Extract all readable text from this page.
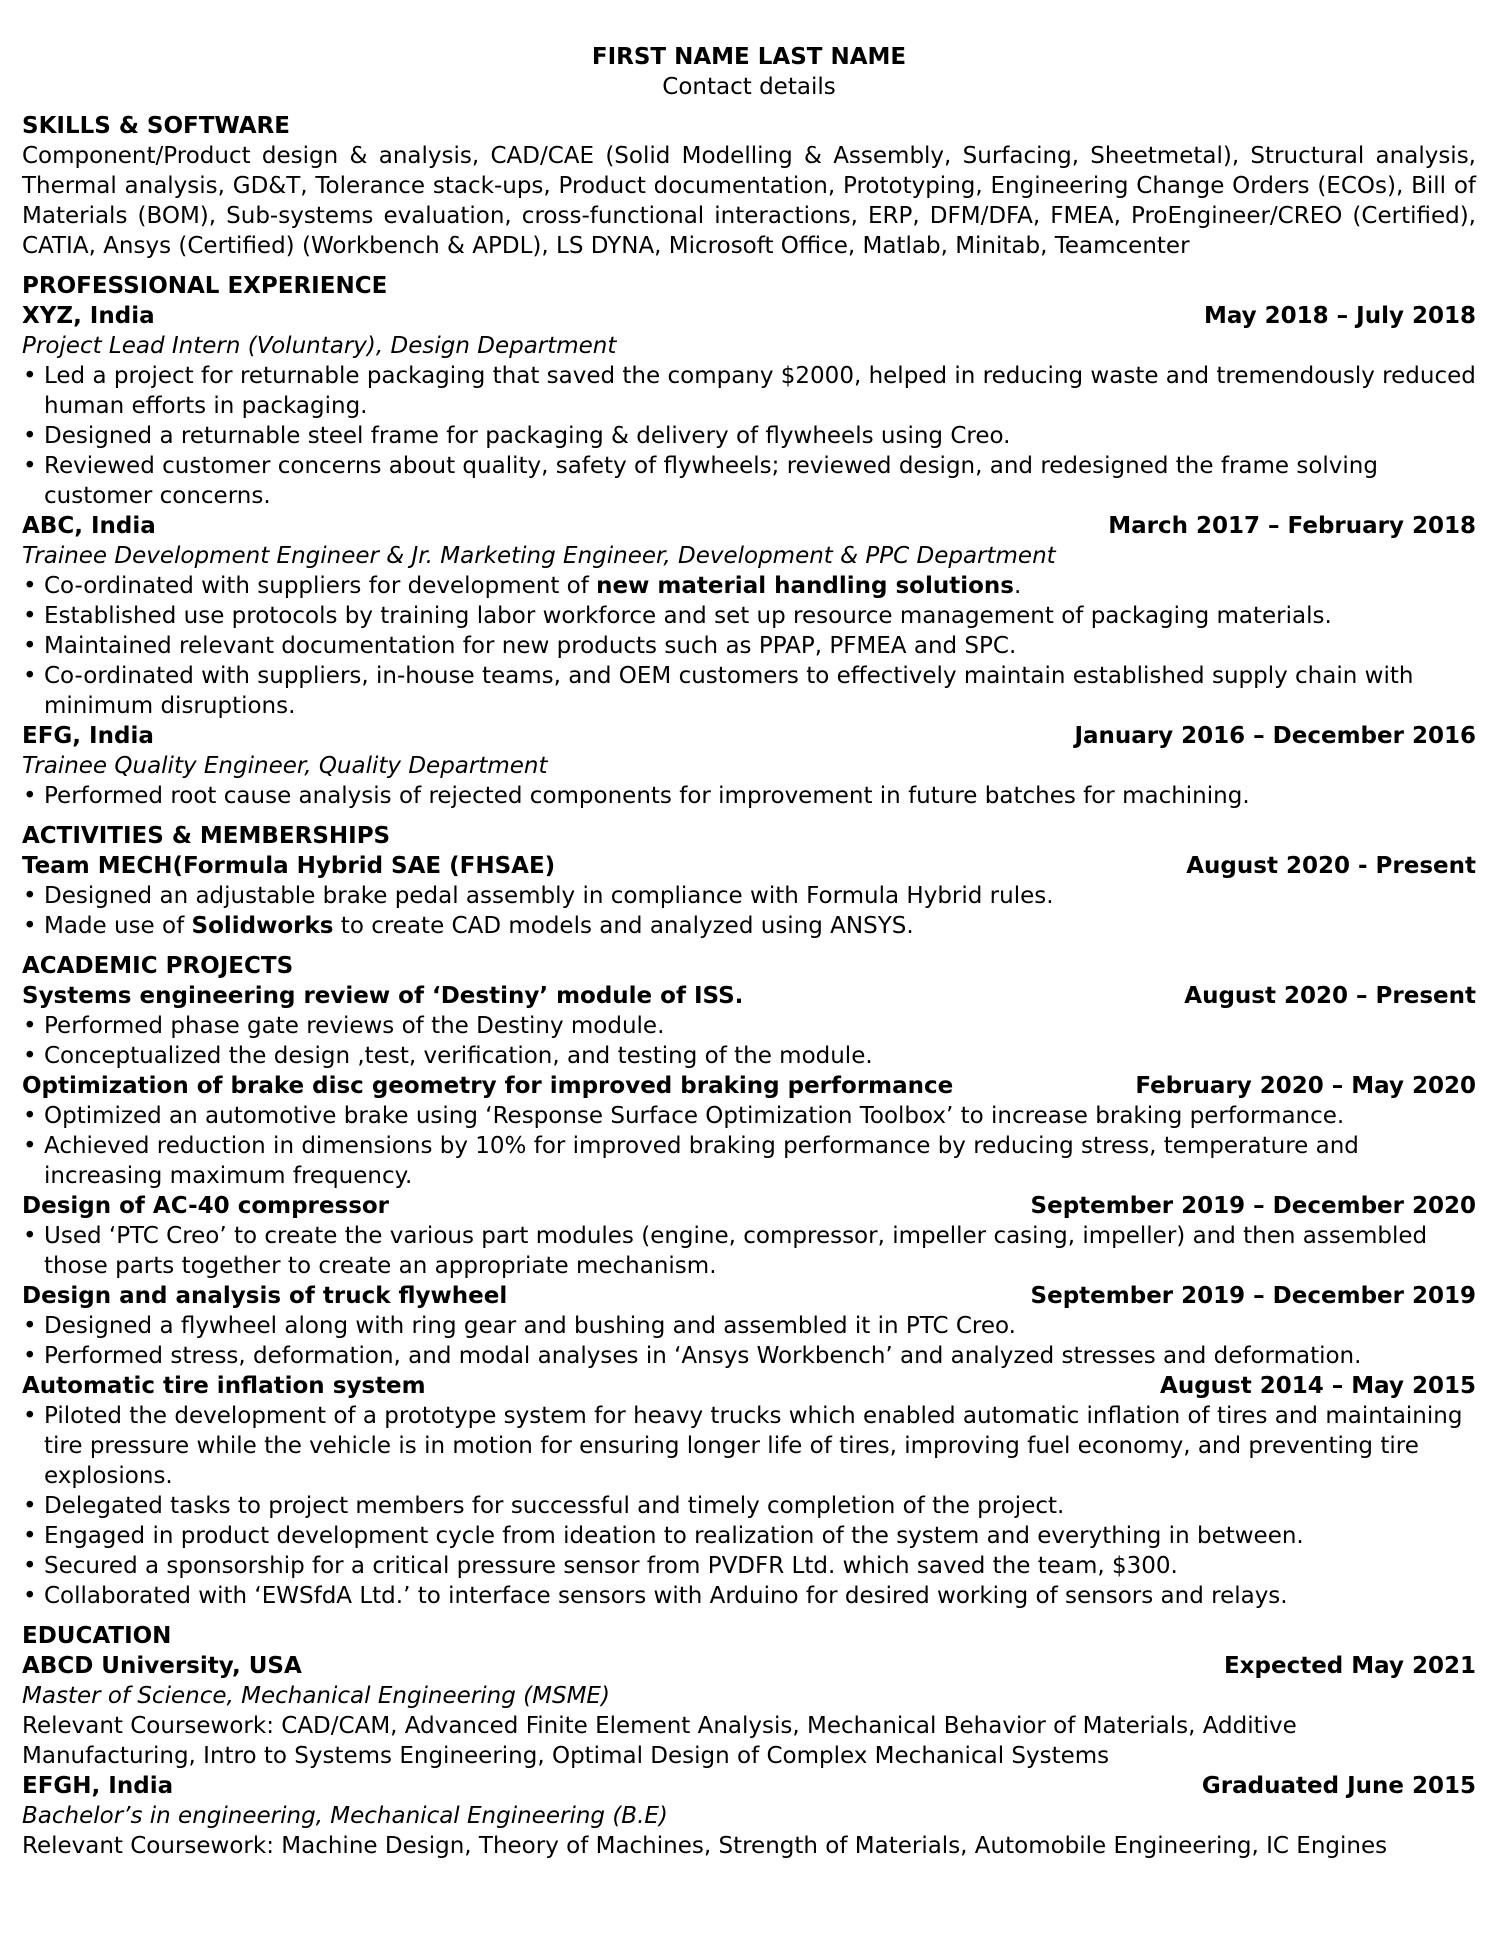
FIRST NAME LAST NAME
Contact details
SKILLS & SOFTWARE
Component/Product design & analysis, CAD/CAE (Solid Modelling & Assembly, Surfacing, Sheetmetal), Structural analysis, Thermal analysis, GD&T, Tolerance stack-ups, Product documentation, Prototyping, Engineering Change Orders (ECOs), Bill of Materials (BOM), Sub-systems evaluation, cross-functional interactions, ERP, DFM/DFA, FMEA, ProEngineer/CREO (Certified), CATIA, Ansys (Certified) (Workbench & APDL), LS DYNA, Microsoft Office, Matlab, Minitab, Teamcenter
PROFESSIONAL EXPERIENCE
XYZ, India	May 2018 – July 2018
Project Lead Intern (Voluntary), Design Department
• Led a project for returnable packaging that saved the company $2000, helped in reducing waste and tremendously reduced human efforts in packaging.
• Designed a returnable steel frame for packaging & delivery of flywheels using Creo.
• Reviewed customer concerns about quality, safety of flywheels; reviewed design, and redesigned the frame solving customer concerns.
ABC, India	March 2017 – February 2018
Trainee Development Engineer & Jr. Marketing Engineer, Development & PPC Department
• Co-ordinated with suppliers for development of new material handling solutions.
• Established use protocols by training labor workforce and set up resource management of packaging materials.
• Maintained relevant documentation for new products such as PPAP, PFMEA and SPC.
• Co-ordinated with suppliers, in-house teams, and OEM customers to effectively maintain established supply chain with minimum disruptions.
EFG, India	January 2016 – December 2016
Trainee Quality Engineer, Quality Department
• Performed root cause analysis of rejected components for improvement in future batches for machining.
ACTIVITIES & MEMBERSHIPS
Team MECH(Formula Hybrid SAE (FHSAE)	August 2020 - Present
• Designed an adjustable brake pedal assembly in compliance with Formula Hybrid rules.
• Made use of Solidworks to create CAD models and analyzed using ANSYS.
ACADEMIC PROJECTS
Systems engineering review of ‘Destiny’ module of ISS.	August 2020 – Present
• Performed phase gate reviews of the Destiny module.
• Conceptualized the design ,test, verification, and testing of the module.
Optimization of brake disc geometry for improved braking performance	February 2020 – May 2020
• Optimized an automotive brake using ‘Response Surface Optimization Toolbox’ to increase braking performance.
• Achieved reduction in dimensions by 10% for improved braking performance by reducing stress, temperature and increasing maximum frequency.
Design of AC-40 compressor	September 2019 – December 2020
• Used ‘PTC Creo’ to create the various part modules (engine, compressor, impeller casing, impeller) and then assembled those parts together to create an appropriate mechanism.
Design and analysis of truck flywheel	September 2019 – December 2019
• Designed a flywheel along with ring gear and bushing and assembled it in PTC Creo.
• Performed stress, deformation, and modal analyses in ‘Ansys Workbench’ and analyzed stresses and deformation.
Automatic tire inflation system	August 2014 – May 2015
• Piloted the development of a prototype system for heavy trucks which enabled automatic inflation of tires and maintaining tire pressure while the vehicle is in motion for ensuring longer life of tires, improving fuel economy, and preventing tire explosions.
• Delegated tasks to project members for successful and timely completion of the project.
• Engaged in product development cycle from ideation to realization of the system and everything in between.
• Secured a sponsorship for a critical pressure sensor from PVDFR Ltd. which saved the team, $300.
• Collaborated with ‘EWSfdA Ltd.’ to interface sensors with Arduino for desired working of sensors and relays.
EDUCATION
ABCD University, USA	Expected May 2021
Master of Science, Mechanical Engineering (MSME)
Relevant Coursework: CAD/CAM, Advanced Finite Element Analysis, Mechanical Behavior of Materials, Additive Manufacturing, Intro to Systems Engineering, Optimal Design of Complex Mechanical Systems
EFGH, India	Graduated June 2015
Bachelor’s in engineering, Mechanical Engineering (B.E)
Relevant Coursework: Machine Design, Theory of Machines, Strength of Materials, Automobile Engineering, IC Engines
